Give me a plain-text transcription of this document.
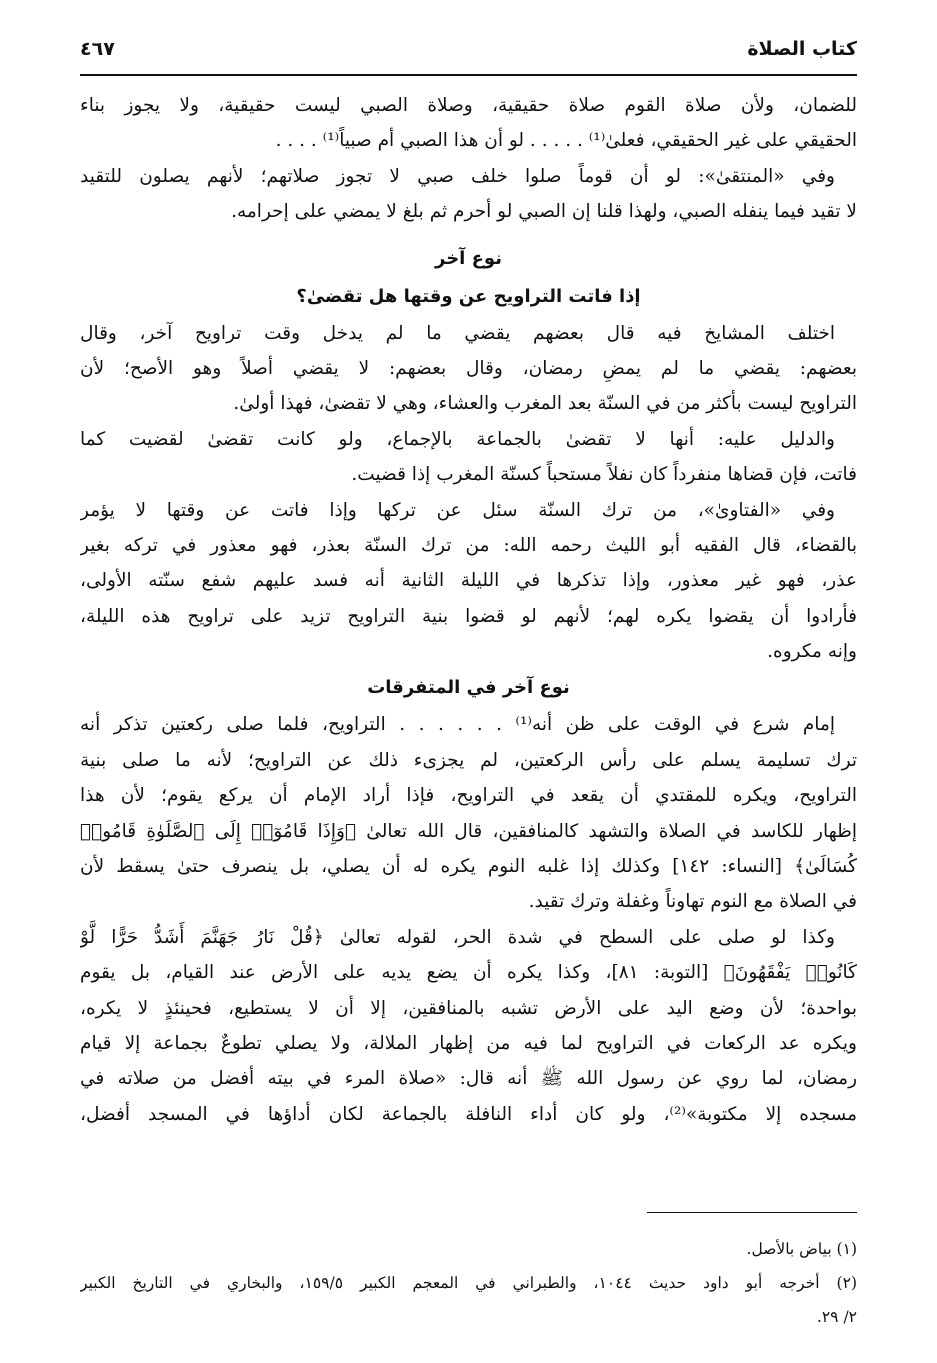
كتاب الصلاة
٤٦٧
للضمان، ولأن صلاة القوم صلاة حقيقية، وصلاة الصبي ليست حقيقية، ولا يجوز بناء
الحقيقي على غير الحقيقي، فعلىٰ⁽¹⁾ . . . . . لو أن هذا الصبي أم صبياً⁽¹⁾ . . . .
وفي «المنتقىٰ»: لو أن قوماً صلوا خلف صبي لا تجوز صلاتهم؛ لأنهم يصلون للتقيد
لا تقيد فيما ينفله الصبي، ولهذا قلنا إن الصبي لو أحرم ثم بلغ لا يمضي على إحرامه.
نوع آخر
إذا فاتت التراويح عن وقتها هل تقضىٰ؟
اختلف المشايخ فيه قال بعضهم يقضي ما لم يدخل وقت تراويح آخر، وقال
بعضهم: يقضي ما لم يمضِ رمضان، وقال بعضهم: لا يقضي أصلاً وهو الأصح؛ لأن
التراويح ليست بأكثر من في السنّة بعد المغرب والعشاء، وهي لا تقضىٰ، فهذا أولىٰ.
والدليل عليه: أنها لا تقضىٰ بالجماعة بالإجماع، ولو كانت تقضىٰ لقضيت كما
فاتت، فإن قضاها منفرداً كان نفلاً مستحباً كسنّة المغرب إذا قضيت.
وفي «الفتاوىٰ»، من ترك السنّة سئل عن تركها وإذا فاتت عن وقتها لا يؤمر
بالقضاء، قال الفقيه أبو الليث رحمه الله: من ترك السنّة بعذر، فهو معذور في تركه بغير
عذر، فهو غير معذور، وإذا تذكرها في الليلة الثانية أنه فسد عليهم شفع سنّته الأولى،
فأرادوا أن يقضوا يكره لهم؛ لأنهم لو قضوا بنية التراويح تزيد على تراويح هذه الليلة،
وإنه مكروه.
نوع آخر في المتفرقات
إمام شرع في الوقت على ظن أنه⁽¹⁾ . . . . . . التراويح، فلما صلى ركعتين تذكر أنه
ترك تسليمة يسلم على رأس الركعتين، لم يجزىء ذلك عن التراويح؛ لأنه ما صلى بنية
التراويح، ويكره للمقتدي أن يقعد في التراويح، فإذا أراد الإمام أن يركع يقوم؛ لأن هذا
إظهار للكاسد في الصلاة والتشهد كالمنافقين، قال الله تعالىٰ ﴿وَإِذَا قَامُوٓا۟ إِلَى ٱلصَّلَوٰةِ قَامُوا۟
كُسَالَىٰ﴾ [النساء: ١٤٢] وكذلك إذا غلبه النوم يكره له أن يصلي، بل ينصرف حتىٰ يسقط لأن
في الصلاة مع النوم تهاوناً وغفلة وترك تقيد.
وكذا لو صلى على السطح في شدة الحر، لقوله تعالىٰ ﴿قُلْ نَارُ جَهَنَّمَ أَشَدُّ حَرًّا لَّوْ
كَانُوا۟ يَفْقَهُونَ﴾ [التوبة: ٨١]، وكذا يكره أن يضع يديه على الأرض عند القيام، بل يقوم
بواحدة؛ لأن وضع اليد على الأرض تشبه بالمنافقين، إلا أن لا يستطيع، فحينئذٍ لا يكره،
ويكره عد الركعات في التراويح لما فيه من إظهار الملالة، ولا يصلي تطوعٌ بجماعة إلا قيام
رمضان، لما روي عن رسول الله ﷺ أنه قال: «صلاة المرء في بيته أفضل من صلاته في
مسجده إلا مكتوبة»⁽²⁾، ولو كان أداء النافلة بالجماعة لكان أداؤها في المسجد أفضل،
(١) بياض بالأصل.
(٢) أخرجه أبو داود حديث ١٠٤٤، والطبراني في المعجم الكبير ١٥٩/٥، والبخاري في التاريخ الكبير
٢/ ٢٩.
